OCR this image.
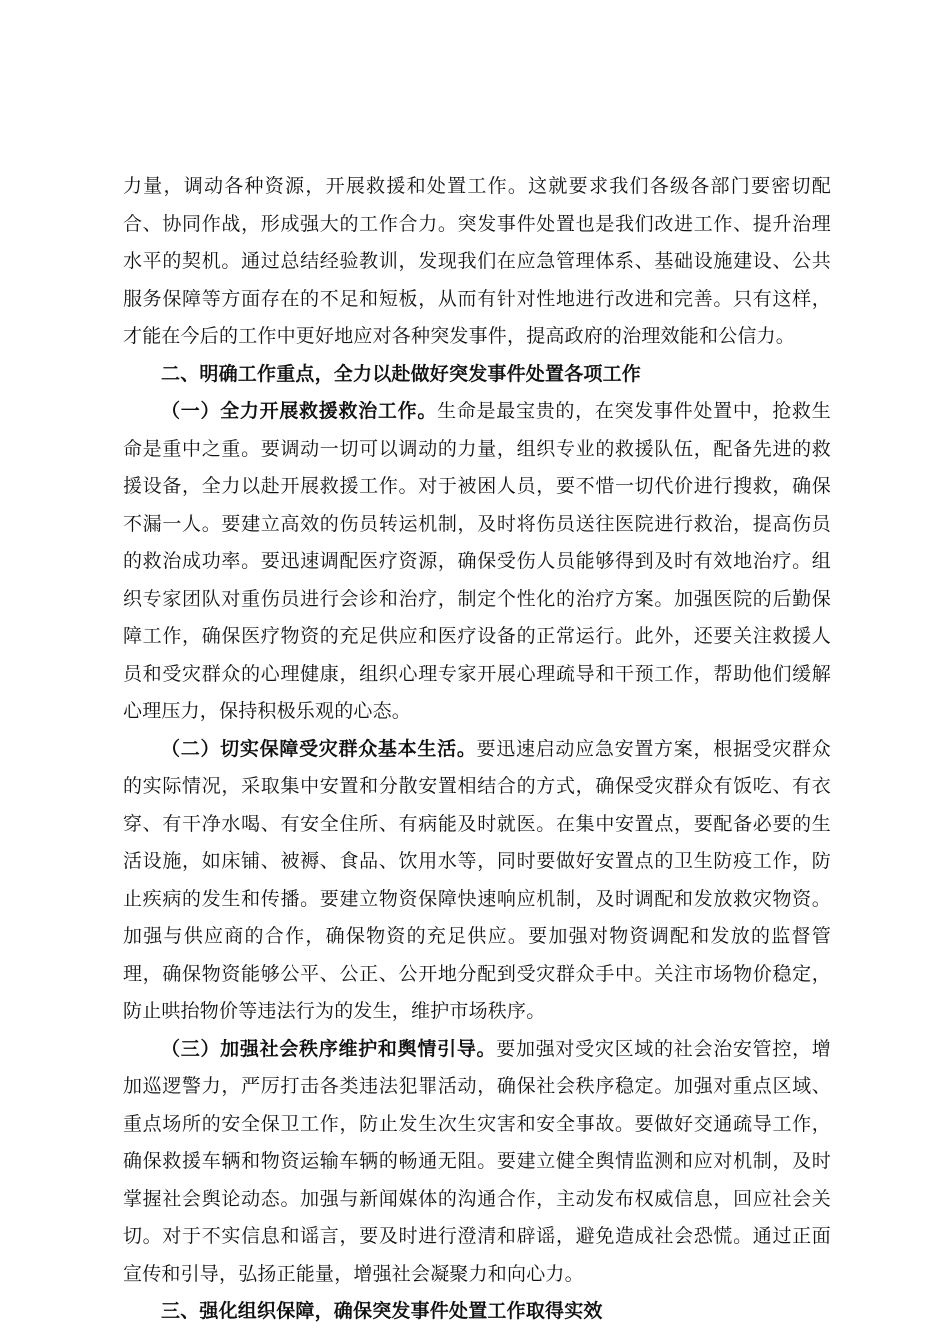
力量，调动各种资源，开展救援和处置工作。这就要求我们各级各部门要密切配合、协同作战，形成强大的工作合力。突发事件处置也是我们改进工作、提升治理水平的契机。通过总结经验教训，发现我们在应急管理体系、基础设施建设、公共服务保障等方面存在的不足和短板，从而有针对性地进行改进和完善。只有这样，才能在今后的工作中更好地应对各种突发事件，提高政府的治理效能和公信力。

二、明确工作重点，全力以赴做好突发事件处置各项工作

（一）全力开展救援救治工作。生命是最宝贵的，在突发事件处置中，抢救生命是重中之重。要调动一切可以调动的力量，组织专业的救援队伍，配备先进的救援设备，全力以赴开展救援工作。对于被困人员，要不惜一切代价进行搜救，确保不漏一人。要建立高效的伤员转运机制，及时将伤员送往医院进行救治，提高伤员的救治成功率。要迅速调配医疗资源，确保受伤人员能够得到及时有效地治疗。组织专家团队对重伤员进行会诊和治疗，制定个性化的治疗方案。加强医院的后勤保障工作，确保医疗物资的充足供应和医疗设备的正常运行。此外，还要关注救援人员和受灾群众的心理健康，组织心理专家开展心理疏导和干预工作，帮助他们缓解心理压力，保持积极乐观的心态。

（二）切实保障受灾群众基本生活。要迅速启动应急安置方案，根据受灾群众的实际情况，采取集中安置和分散安置相结合的方式，确保受灾群众有饭吃、有衣穿、有干净水喝、有安全住所、有病能及时就医。在集中安置点，要配备必要的生活设施，如床铺、被褥、食品、饮用水等，同时要做好安置点的卫生防疫工作，防止疾病的发生和传播。要建立物资保障快速响应机制，及时调配和发放救灾物资。加强与供应商的合作，确保物资的充足供应。要加强对物资调配和发放的监督管理，确保物资能够公平、公正、公开地分配到受灾群众手中。关注市场物价稳定，防止哄抬物价等违法行为的发生，维护市场秩序。

（三）加强社会秩序维护和舆情引导。要加强对受灾区域的社会治安管控，增加巡逻警力，严厉打击各类违法犯罪活动，确保社会秩序稳定。加强对重点区域、重点场所的安全保卫工作，防止发生次生灾害和安全事故。要做好交通疏导工作，确保救援车辆和物资运输车辆的畅通无阻。要建立健全舆情监测和应对机制，及时掌握社会舆论动态。加强与新闻媒体的沟通合作，主动发布权威信息，回应社会关切。对于不实信息和谣言，要及时进行澄清和辟谣，避免造成社会恐慌。通过正面宣传和引导，弘扬正能量，增强社会凝聚力和向心力。

三、强化组织保障，确保突发事件处置工作取得实效
